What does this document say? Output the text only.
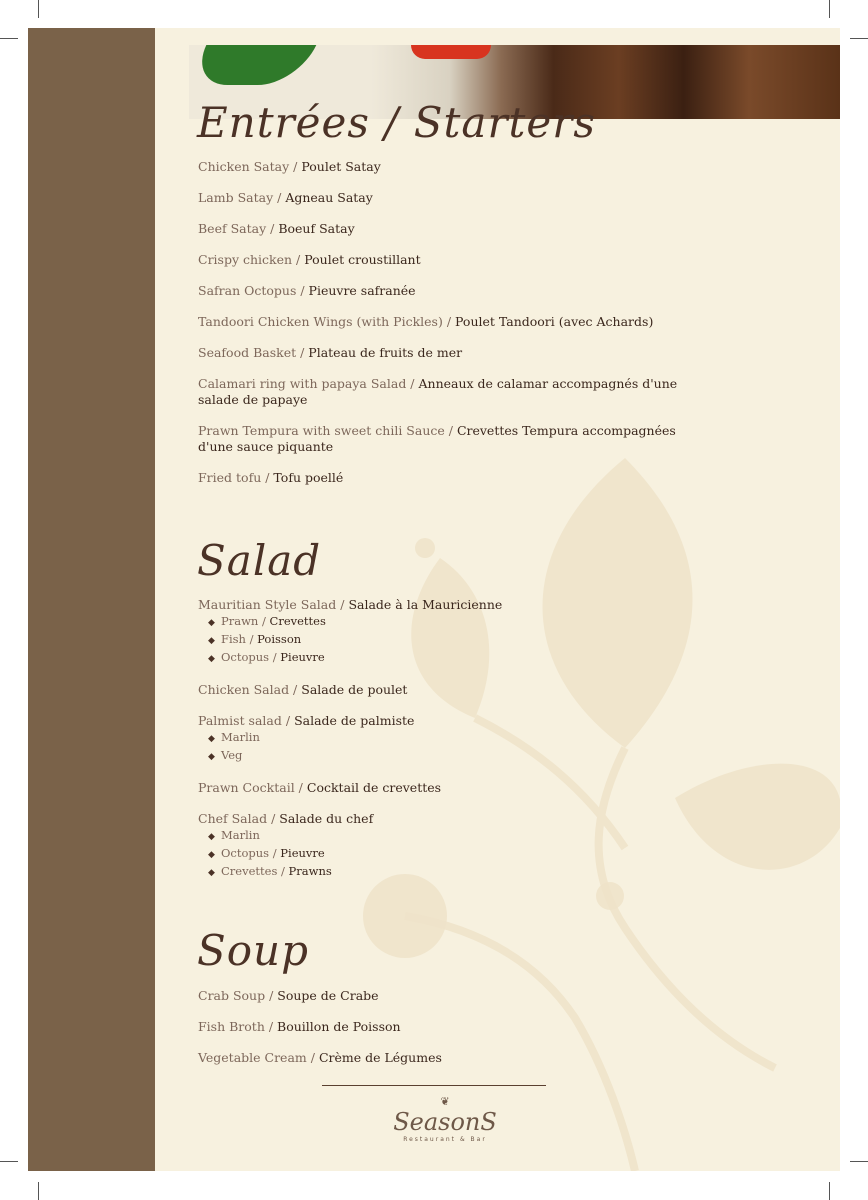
Entrées / Starters
Chicken Satay / Poulet Satay
Lamb Satay / Agneau Satay
Beef Satay / Boeuf Satay
Crispy chicken / Poulet croustillant
Safran Octopus / Pieuvre safranée
Tandoori Chicken Wings (with Pickles) / Poulet Tandoori (avec Achards)
Seafood Basket / Plateau de fruits de mer
Calamari ring with papaya Salad / Anneaux de calamar accompagnés d'une salade de papaye
Prawn Tempura with sweet chili Sauce / Crevettes Tempura accompagnées d'une sauce piquante
Fried tofu / Tofu poellé
Salad
Mauritian Style Salad / Salade à la Mauricienne
◆ Prawn / Crevettes
◆ Fish / Poisson
◆ Octopus / Pieuvre
Chicken Salad / Salade de poulet
Palmist salad / Salade de palmiste
◆ Marlin
◆ Veg
Prawn Cocktail / Cocktail de crevettes
Chef Salad / Salade du chef
◆ Marlin
◆ Octopus / Pieuvre
◆ Crevettes / Prawns
Soup
Crab Soup / Soupe de Crabe
Fish Broth / Bouillon de Poisson
Vegetable Cream / Crème de Légumes
❦
SeasonS
Restaurant & Bar
